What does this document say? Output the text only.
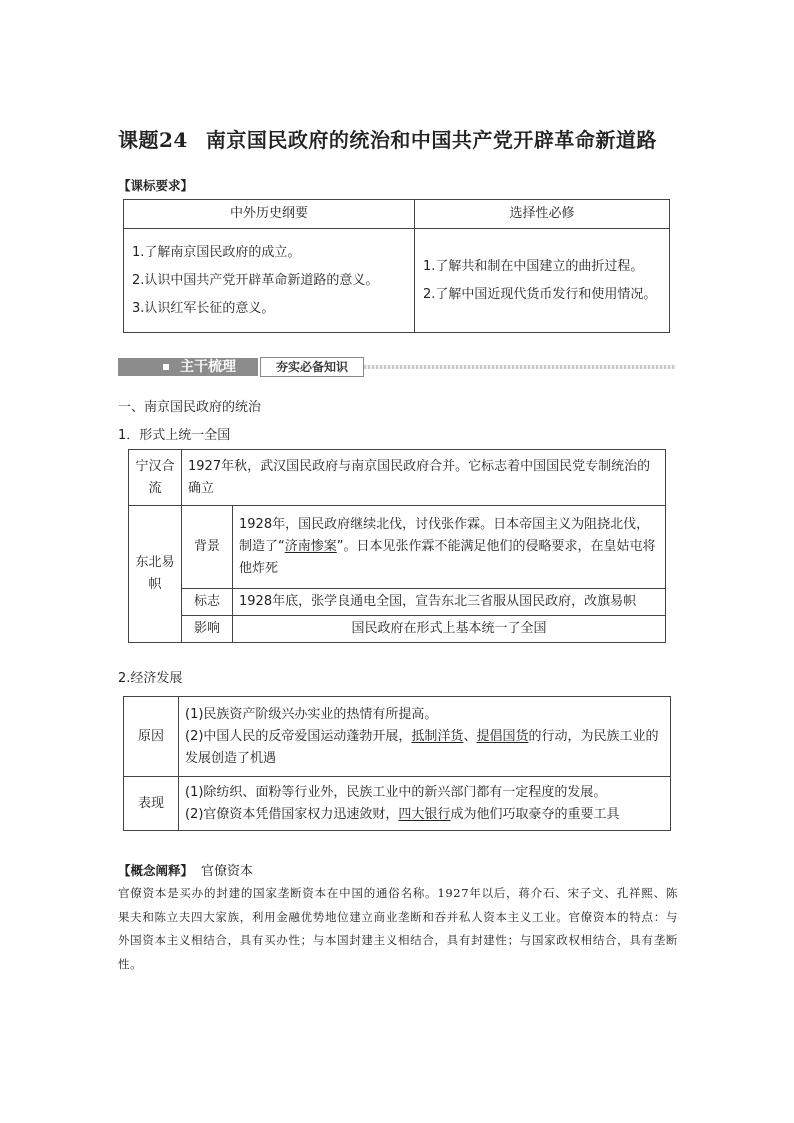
课题24 南京国民政府的统治和中国共产党开辟革命新道路
【课标要求】
中外历史纲要	选择性必修

1.了解南京国民政府的成立。
2.认识中国共产党开辟革命新道路的意义。
3.认识红军长征的意义。	1.了解共和制在中国建立的曲折过程。
2.了解中国近现代货币发行和使用情况。
主干梳理	夯实必备知识
一、南京国民政府的统治
1．形式上统一全国
宁汉合流	1927年秋，武汉国民政府与南京国民政府合并。它标志着中国国民党专制统治的确立	
东北易帜	背景	1928年，国民政府继续北伐，讨伐张作霖。日本帝国主义为阻挠北伐，制造了“济南惨案”。日本见张作霖不能满足他们的侵略要求，在皇姑屯将他炸死
	标志	1928年底，张学良通电全国，宣告东北三省服从国民政府，改旗易帜
	影响	国民政府在形式上基本统一了全国
2.经济发展
原因	(1)民族资产阶级兴办实业的热情有所提高。
(2)中国人民的反帝爱国运动蓬勃开展，抵制洋货、提倡国货的行动，为民族工业的发展创造了机遇

表现	(1)除纺织、面粉等行业外，民族工业中的新兴部门都有一定程度的发展。
(2)官僚资本凭借国家权力迅速敛财，四大银行成为他们巧取豪夺的重要工具
【概念阐释】 官僚资本
官僚资本是买办的封建的国家垄断资本在中国的通俗名称。1927年以后，蒋介石、宋子文、孔祥熙、陈果夫和陈立夫四大家族，利用金融优势地位建立商业垄断和吞并私人资本主义工业。官僚资本的特点：与外国资本主义相结合，具有买办性；与本国封建主义相结合，具有封建性；与国家政权相结合，具有垄断性。
